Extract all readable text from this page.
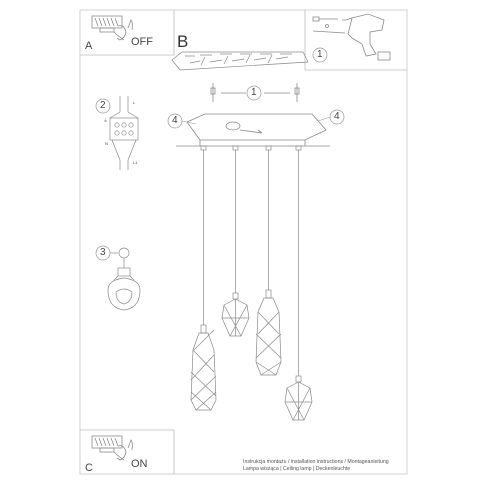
A	OFF B
1
1
4	4
2
3
L
⏚
N
L1
C	ON	Instrukcja montażu / installation instructions / Montageanleitung
Lampa wisząca | Ceiling lamp | Deckenleuchte
